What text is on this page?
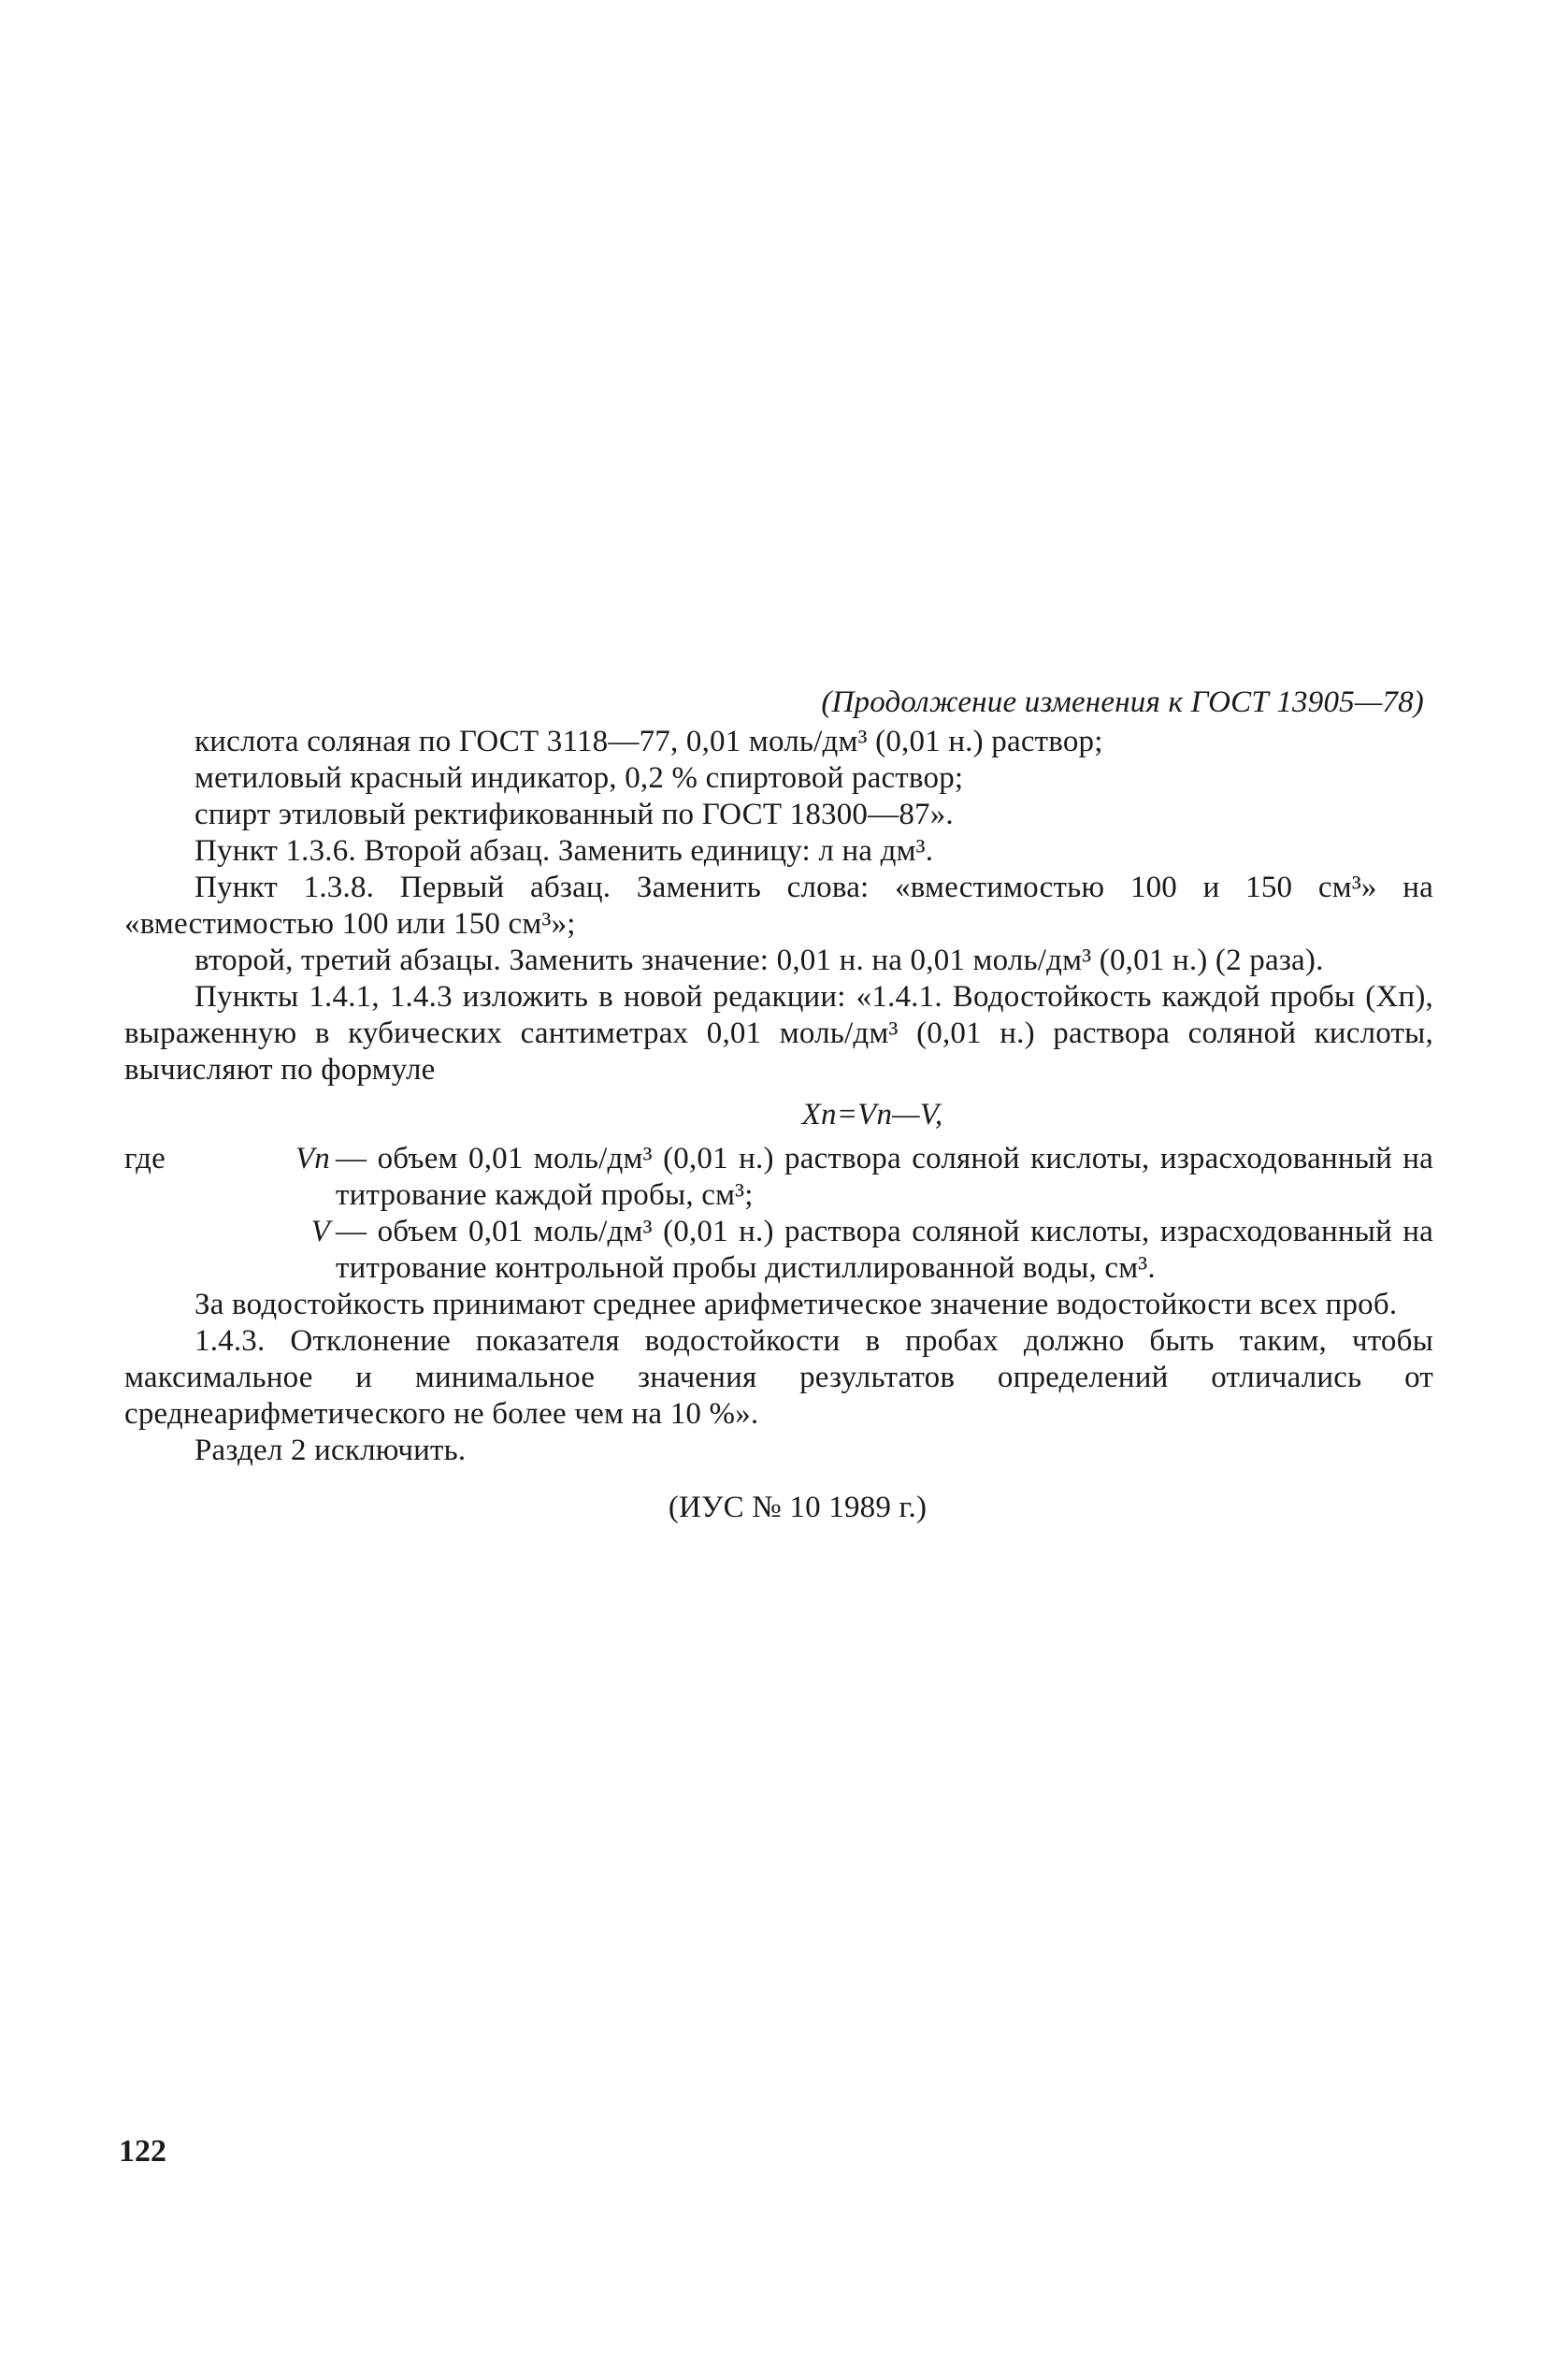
(Продолжение изменения к ГОСТ 13905—78)

кислота соляная по ГОСТ 3118—77, 0,01 моль/дм³ (0,01 н.) раствор;

метиловый красный индикатор, 0,2 % спиртовой раствор;

спирт этиловый ректификованный по ГОСТ 18300—87».

Пункт 1.3.6. Второй абзац. Заменить единицу: л на дм³.

Пункт 1.3.8. Первый абзац. Заменить слова: «вместимостью 100 и 150 см³» на «вместимостью 100 или 150 см³»;

второй, третий абзацы. Заменить значение: 0,01 н. на 0,01 моль/дм³ (0,01 н.) (2 раза).

Пункты 1.4.1, 1.4.3 изложить в новой редакции: «1.4.1. Водостойкость каждой пробы (Xп), выраженную в кубических сантиметрах 0,01 моль/дм³ (0,01 н.) раствора соляной кислоты, вычисляют по формуле

Xп=Vп—V,
где	Vп — объем 0,01 моль/дм³ (0,01 н.) раствора соляной кислоты, израсходованный на титрование каждой пробы, см³;
V — объем 0,01 моль/дм³ (0,01 н.) раствора соляной кислоты, израсходованный на титрование контрольной пробы дистиллированной воды, см³.

За водостойкость принимают среднее арифметическое значение водостойкости всех проб.

1.4.3. Отклонение показателя водостойкости в пробах должно быть таким, чтобы максимальное и минимальное значения результатов определений отличались от среднеарифметического не более чем на 10 %».

Раздел 2 исключить.

(ИУС № 10 1989 г.)
122
